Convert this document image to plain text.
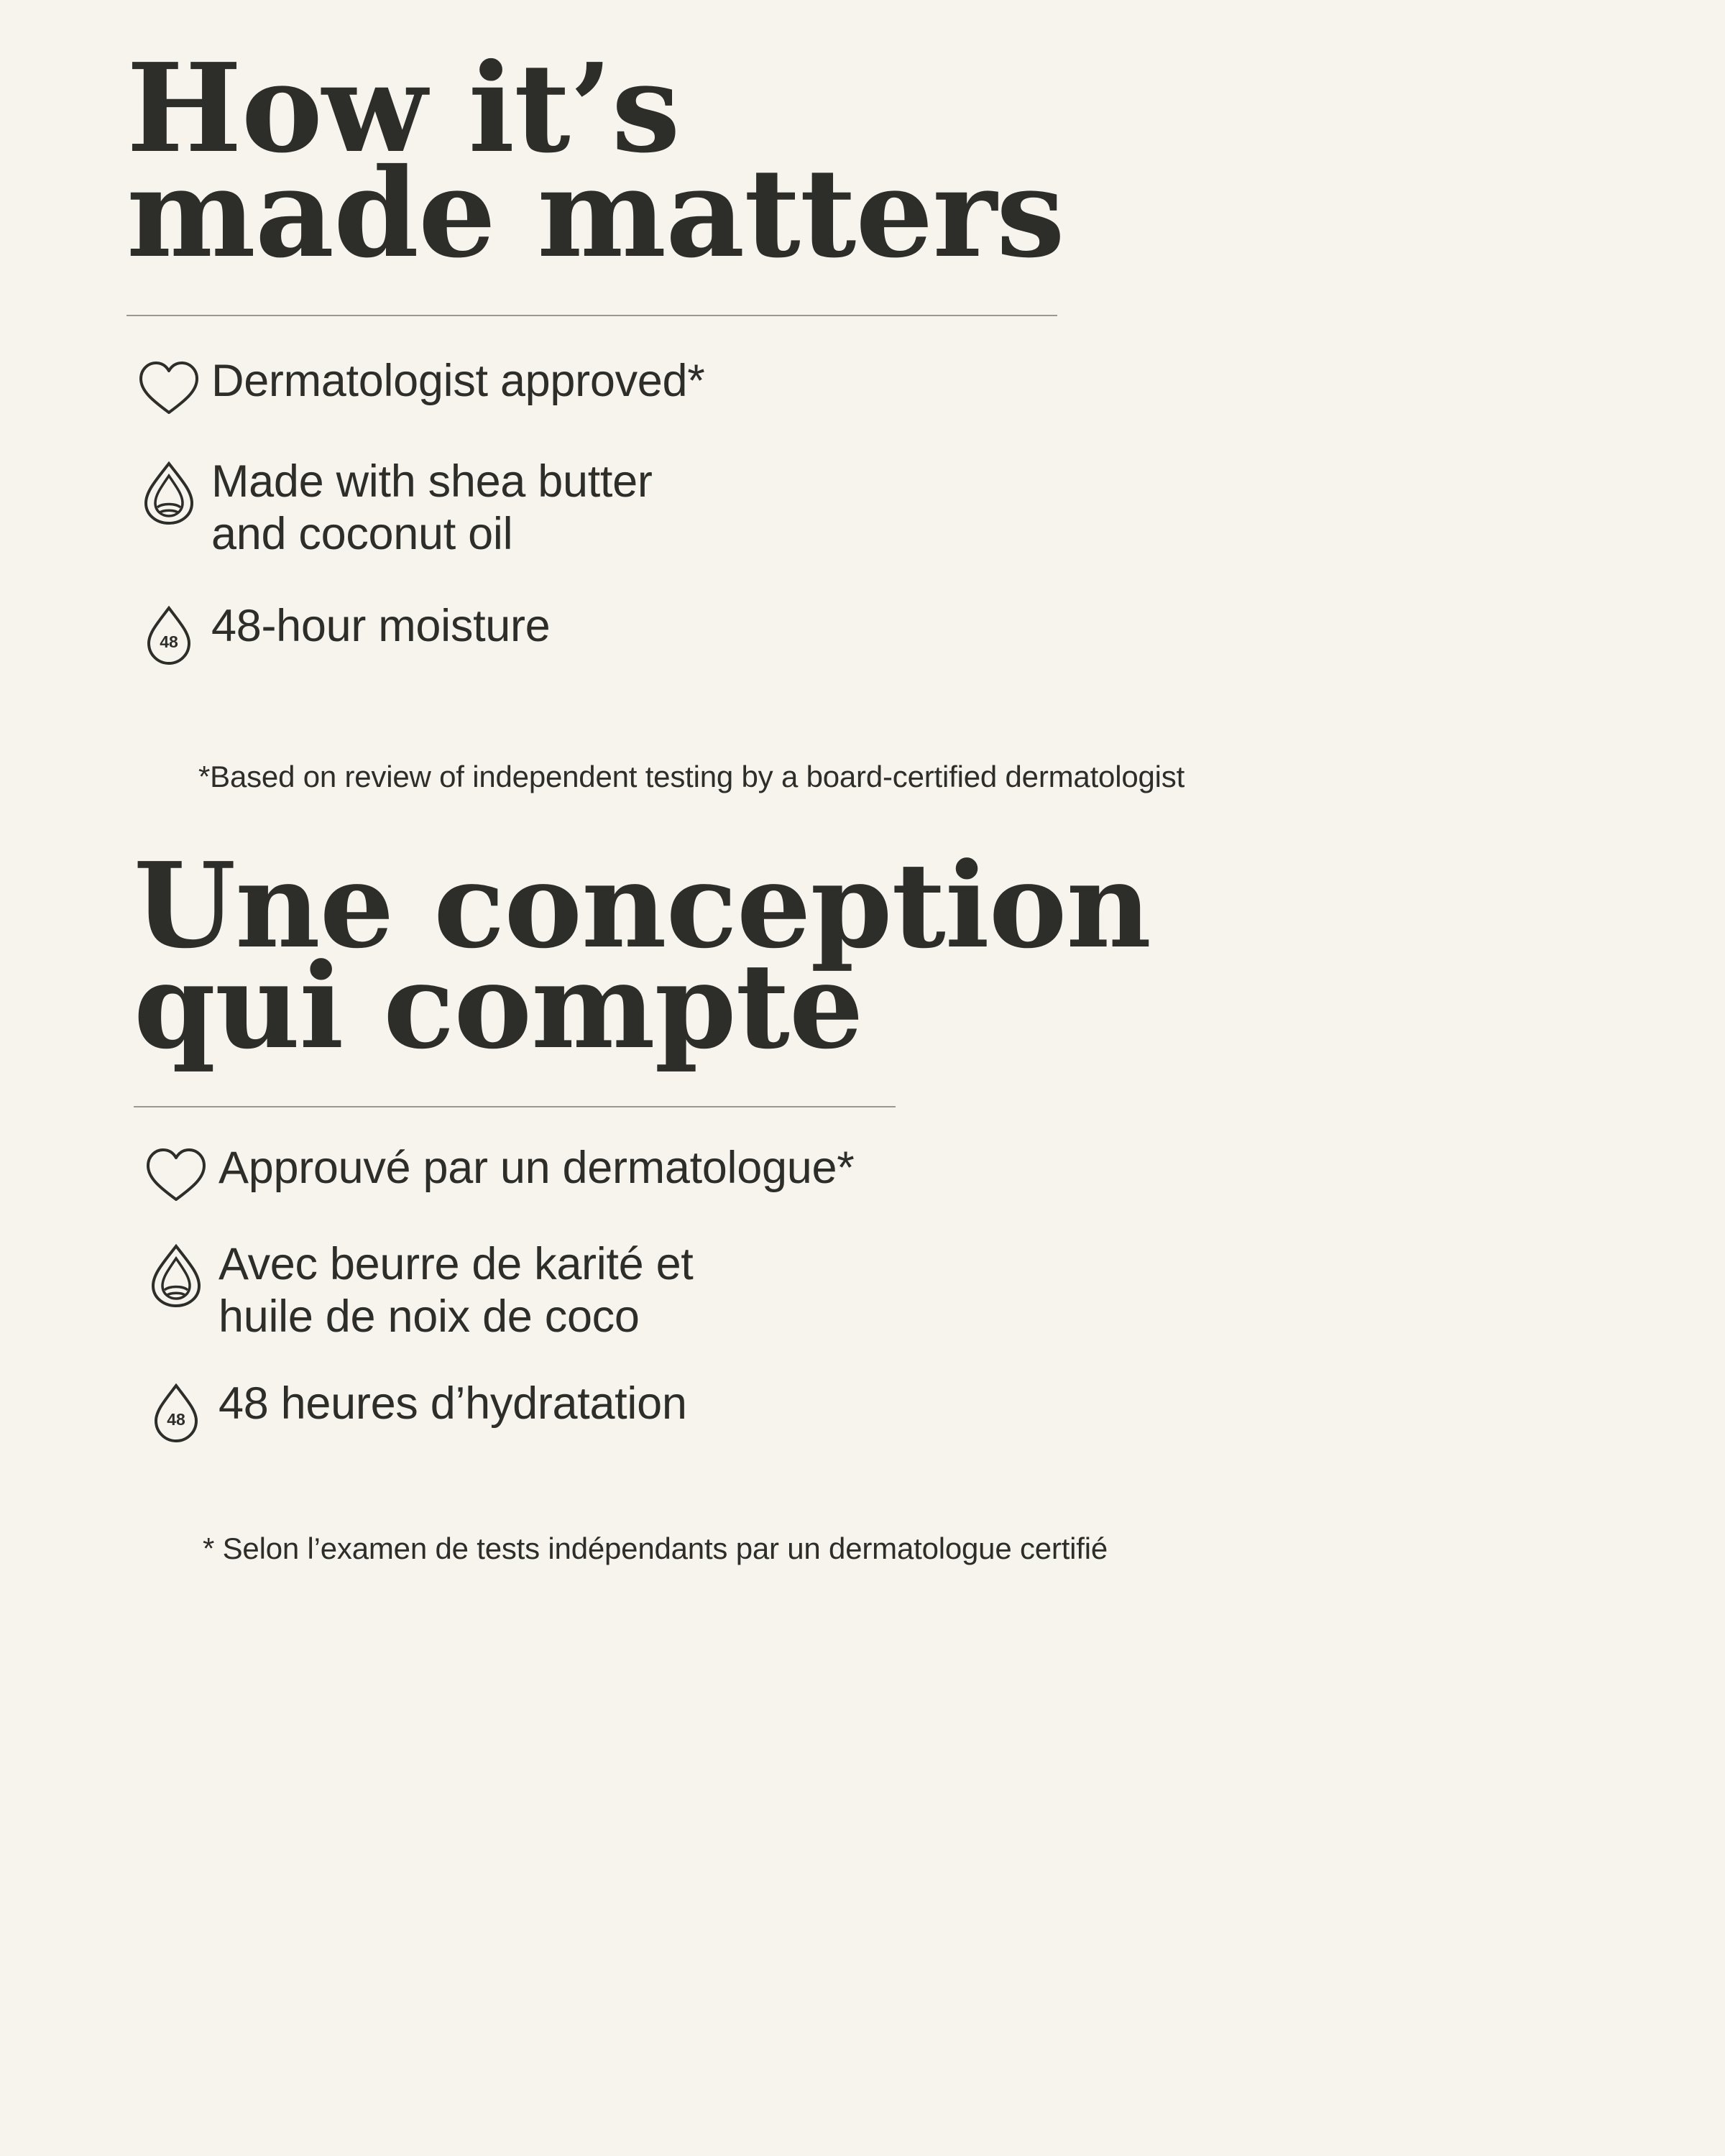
How it’s
made matters
Dermatologist approved*
Made with shea butter
and coconut oil
48 48-hour moisture
*Based on review of independent testing by a board-certified dermatologist
Une conception
qui compte
Approuvé par un dermatologue*
Avec beurre de karité et
huile de noix de coco
48 48 heures d’hydratation
* Selon l’examen de tests indépendants par un dermatologue certifié
